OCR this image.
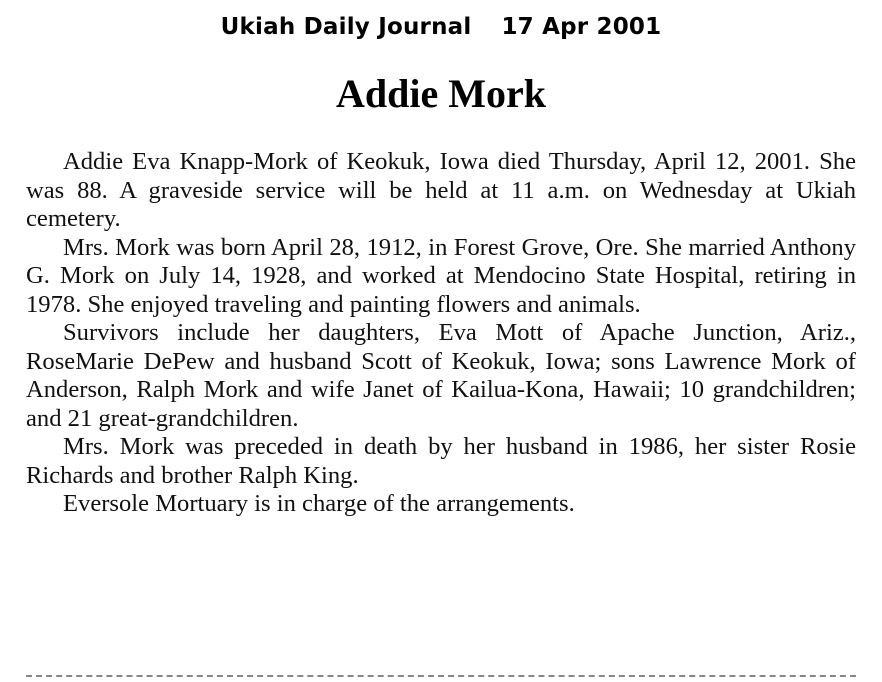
Ukiah Daily Journal 17 Apr 2001
Addie Mork

Addie Eva Knapp-Mork of Keokuk, Iowa died Thursday, April 12, 2001. She was 88. A graveside service will be held at 11 a.m. on Wednesday at Ukiah cemetery.

Mrs. Mork was born April 28, 1912, in Forest Grove, Ore. She married Anthony G. Mork on July 14, 1928, and worked at Mendocino State Hospital, retiring in 1978. She enjoyed traveling and painting flowers and animals.

Survivors include her daughters, Eva Mott of Apache Junction, Ariz., RoseMarie DePew and husband Scott of Keokuk, Iowa; sons Lawrence Mork of Anderson, Ralph Mork and wife Janet of Kailua-Kona, Hawaii; 10 grandchildren; and 21 great-grandchildren.

Mrs. Mork was preceded in death by her husband in 1986, her sister Rosie Richards and brother Ralph King.

Eversole Mortuary is in charge of the arrangements.
